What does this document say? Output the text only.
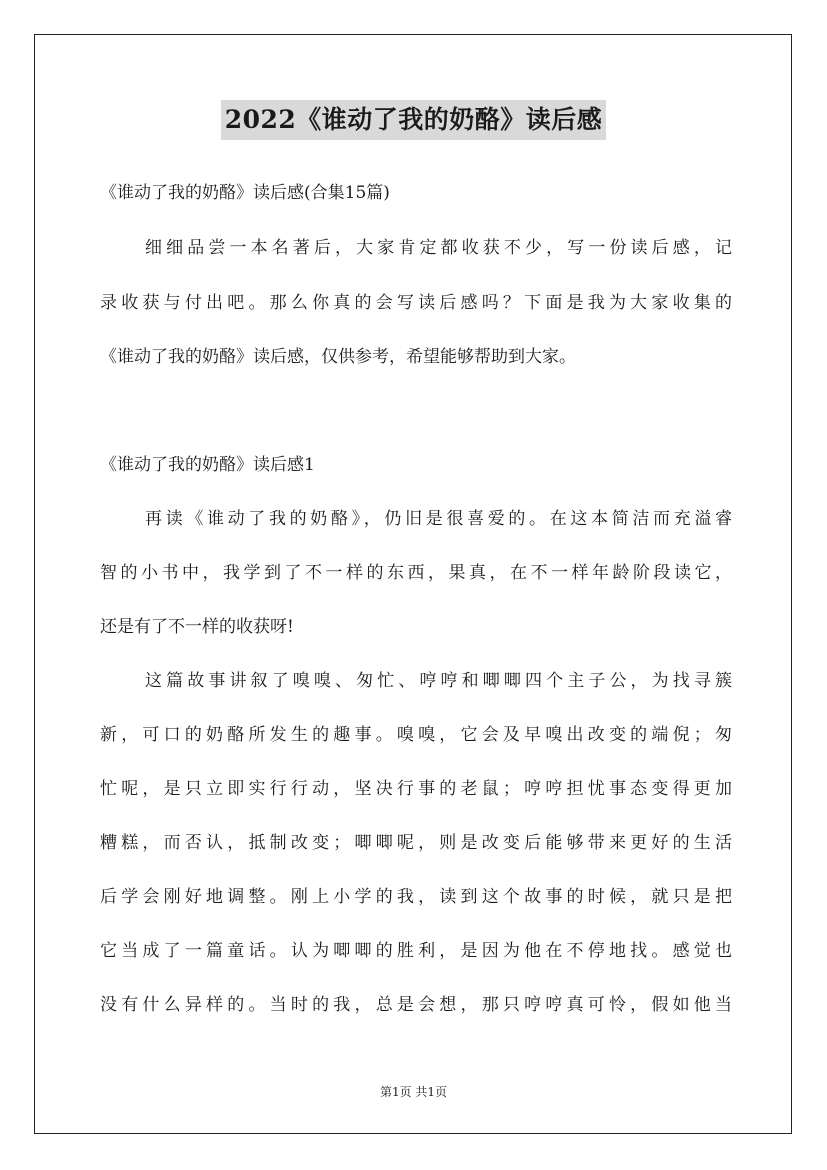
2022《谁动了我的奶酪》读后感
《谁动了我的奶酪》读后感(合集15篇)
细细品尝一本名著后，大家肯定都收获不少，写一份读后感，记
录收获与付出吧。那么你真的会写读后感吗？下面是我为大家收集的
《谁动了我的奶酪》读后感，仅供参考，希望能够帮助到大家。
《谁动了我的奶酪》读后感1
再读《谁动了我的奶酪》，仍旧是很喜爱的。在这本简洁而充溢睿
智的小书中，我学到了不一样的东西，果真，在不一样年龄阶段读它，
还是有了不一样的收获呀!
这篇故事讲叙了嗅嗅、匆忙、哼哼和唧唧四个主子公，为找寻簇
新，可口的奶酪所发生的趣事。嗅嗅，它会及早嗅出改变的端倪；匆
忙呢，是只立即实行行动，坚决行事的老鼠；哼哼担忧事态变得更加
糟糕，而否认，抵制改变；唧唧呢，则是改变后能够带来更好的生活
后学会刚好地调整。刚上小学的我，读到这个故事的时候，就只是把
它当成了一篇童话。认为唧唧的胜利，是因为他在不停地找。感觉也
没有什么异样的。当时的我，总是会想，那只哼哼真可怜，假如他当
第1页 共1页
